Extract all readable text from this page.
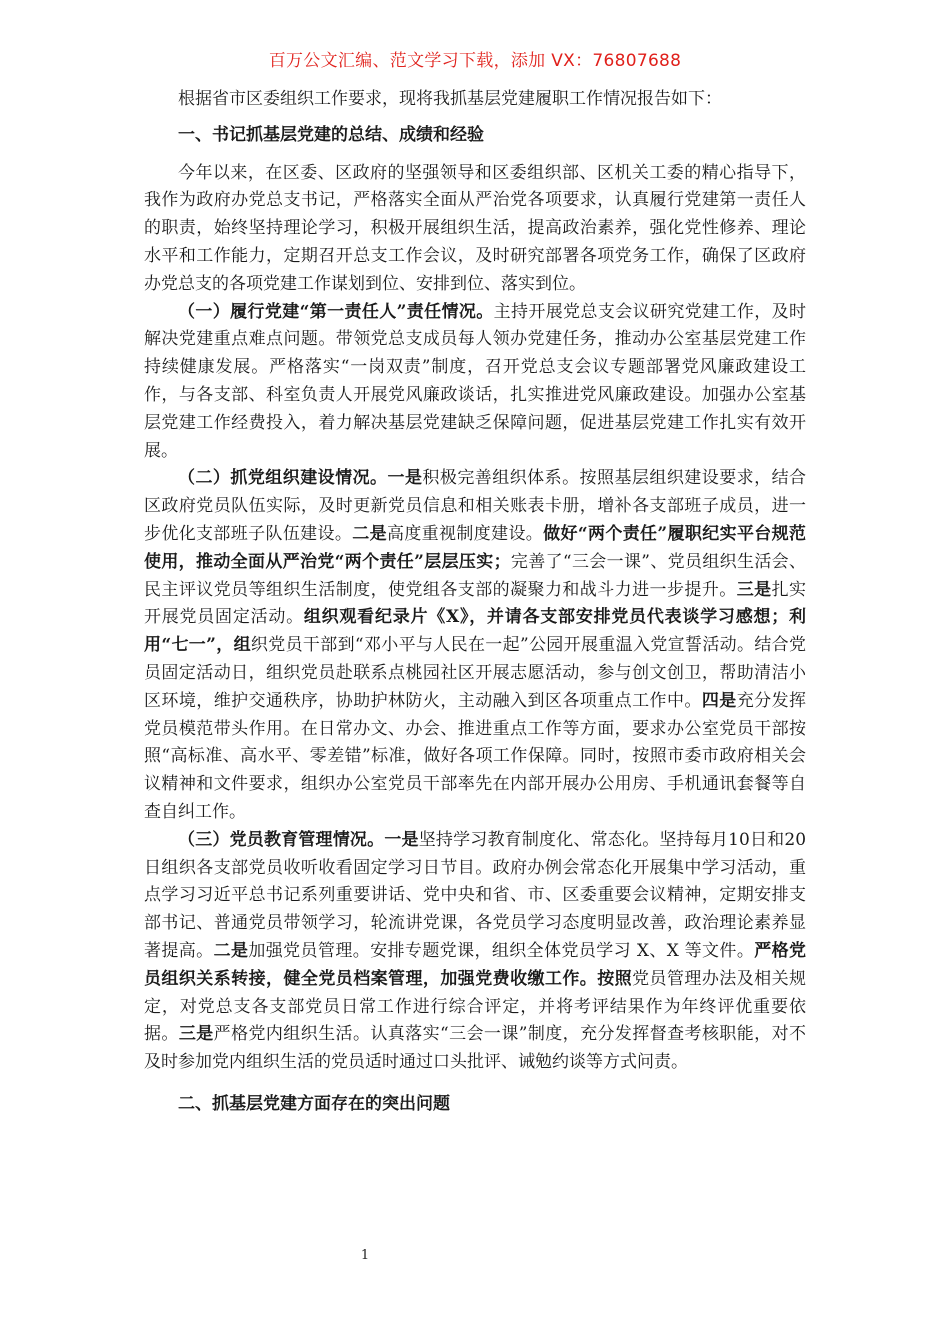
百万公文汇编、范文学习下载，添加 VX：76807688

根据省市区委组织工作要求，现将我抓基层党建履职工作情况报告如下：

一、书记抓基层党建的总结、成绩和经验

今年以来，在区委、区政府的坚强领导和区委组织部、区机关工委的精心指导下，我作为政府办党总支书记，严格落实全面从严治党各项要求，认真履行党建第一责任人的职责，始终坚持理论学习，积极开展组织生活，提高政治素养，强化党性修养、理论水平和工作能力，定期召开总支工作会议，及时研究部署各项党务工作，确保了区政府办党总支的各项党建工作谋划到位、安排到位、落实到位。

（一）履行党建“第一责任人”责任情况。主持开展党总支会议研究党建工作，及时解决党建重点难点问题。带领党总支成员每人领办党建任务，推动办公室基层党建工作持续健康发展。严格落实“一岗双责”制度，召开党总支会议专题部署党风廉政建设工作，与各支部、科室负责人开展党风廉政谈话，扎实推进党风廉政建设。加强办公室基层党建工作经费投入，着力解决基层党建缺乏保障问题，促进基层党建工作扎实有效开展。

（二）抓党组织建设情况。一是积极完善组织体系。按照基层组织建设要求，结合区政府党员队伍实际，及时更新党员信息和相关账表卡册，增补各支部班子成员，进一步优化支部班子队伍建设。二是高度重视制度建设。做好“两个责任”履职纪实平台规范使用，推动全面从严治党“两个责任”层层压实；完善了“三会一课”、党员组织生活会、民主评议党员等组织生活制度，使党组各支部的凝聚力和战斗力进一步提升。三是扎实开展党员固定活动。组织观看纪录片《X》，并请各支部安排党员代表谈学习感想；利用“七一”，组织党员干部到“邓小平与人民在一起”公园开展重温入党宣誓活动。结合党员固定活动日，组织党员赴联系点桃园社区开展志愿活动，参与创文创卫，帮助清洁小区环境，维护交通秩序，协助护林防火，主动融入到区各项重点工作中。四是充分发挥党员模范带头作用。在日常办文、办会、推进重点工作等方面，要求办公室党员干部按照“高标准、高水平、零差错”标准，做好各项工作保障。同时，按照市委市政府相关会议精神和文件要求，组织办公室党员干部率先在内部开展办公用房、手机通讯套餐等自查自纠工作。

（三）党员教育管理情况。一是坚持学习教育制度化、常态化。坚持每月10日和20日组织各支部党员收听收看固定学习日节目。政府办例会常态化开展集中学习活动，重点学习习近平总书记系列重要讲话、党中央和省、市、区委重要会议精神，定期安排支部书记、普通党员带领学习，轮流讲党课，各党员学习态度明显改善，政治理论素养显著提高。二是加强党员管理。安排专题党课，组织全体党员学习 X、X 等文件。严格党员组织关系转接，健全党员档案管理，加强党费收缴工作。按照党员管理办法及相关规定，对党总支各支部党员日常工作进行综合评定，并将考评结果作为年终评优重要依据。三是严格党内组织生活。认真落实“三会一课”制度，充分发挥督查考核职能，对不及时参加党内组织生活的党员适时通过口头批评、诫勉约谈等方式问责。

二、抓基层党建方面存在的突出问题

1
